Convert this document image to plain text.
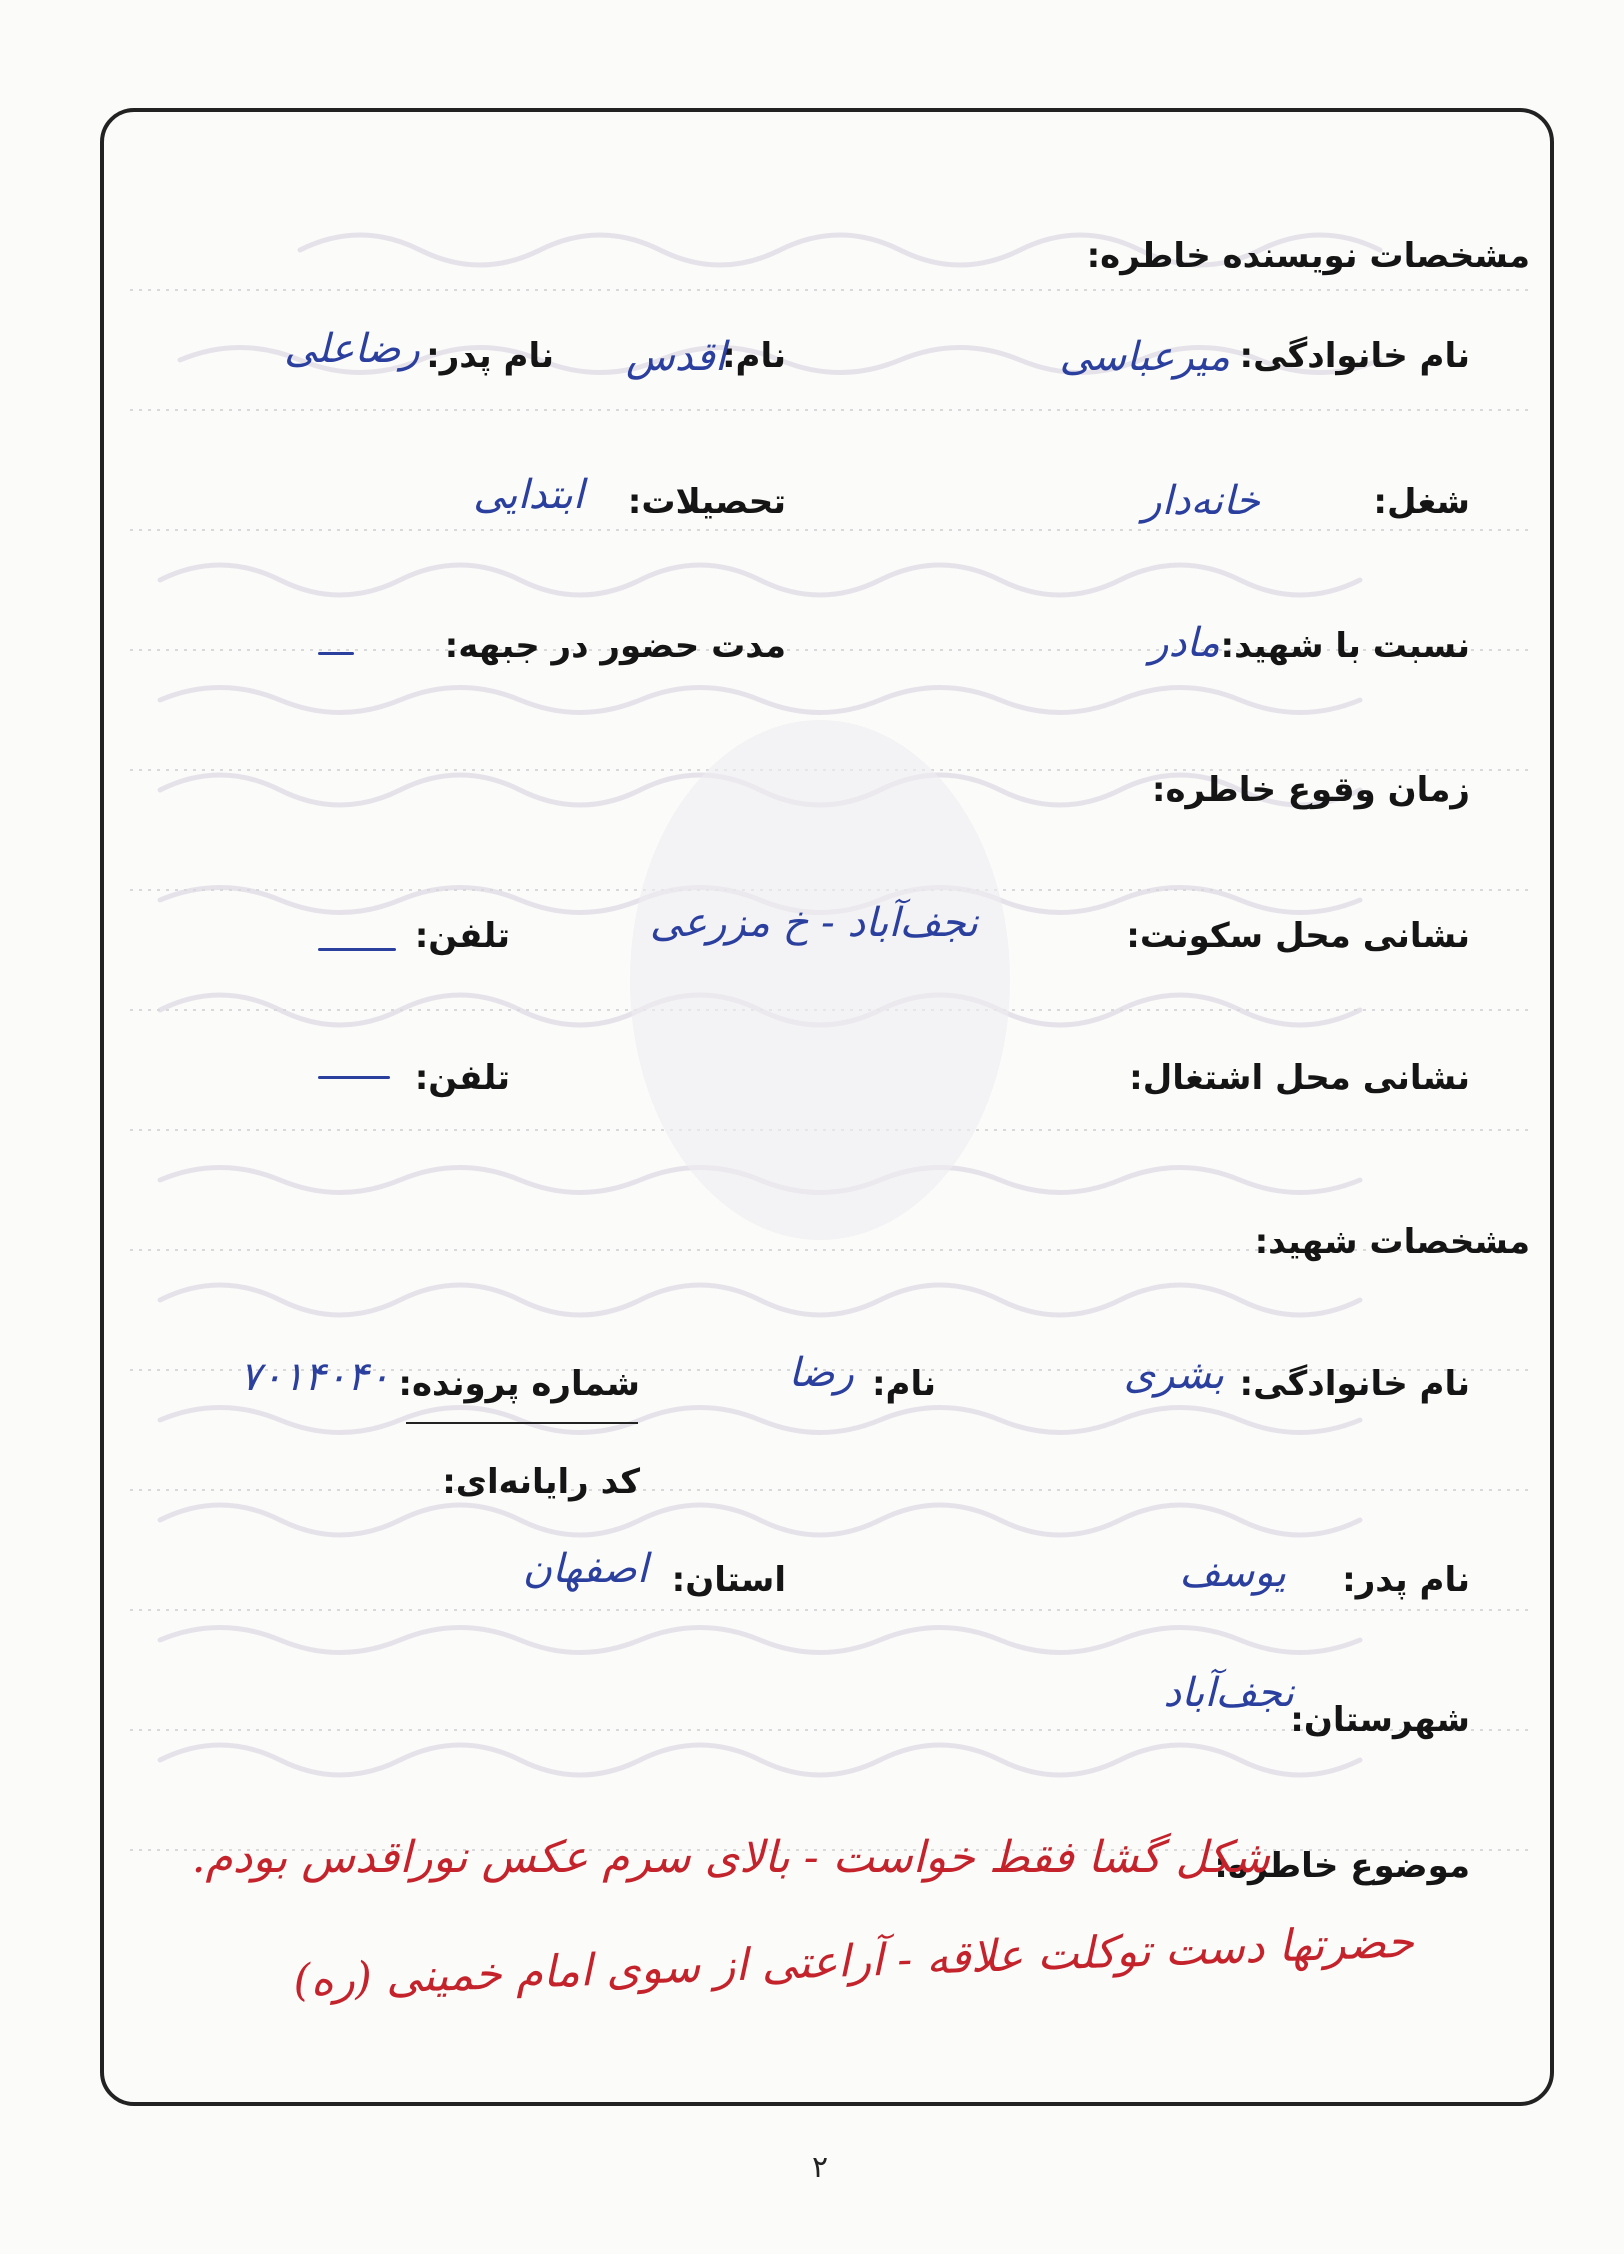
مشخصات نویسنده خاطره:
نام خانوادگی:
میرعباسی
نام:
اقدس
نام پدر:
رضاعلی
شغل:
خانه‌دار
تحصیلات:
ابتدایی
نسبت با شهید:
مادر
مدت حضور در جبهه:
زمان وقوع خاطره:
نشانی محل سکونت:
نجف‌آباد - خ مزرعی
تلفن:
نشانی محل اشتغال:
تلفن:
مشخصات شهید:
نام خانوادگی:
بشری
نام:
رضا
شماره پرونده:
۷۰۱۴۰۴۰
کد رایانه‌ای:
نام پدر:
یوسف
استان:
اصفهان
شهرستان:
نجف‌آباد
موضوع خاطره:
شکل گشا فقط خواست - بالای سرم عکس نوراقدس بودم.
حضرتها دست توکلت علاقه - آراعتی از سوی امام خمینی (ره)
۲
